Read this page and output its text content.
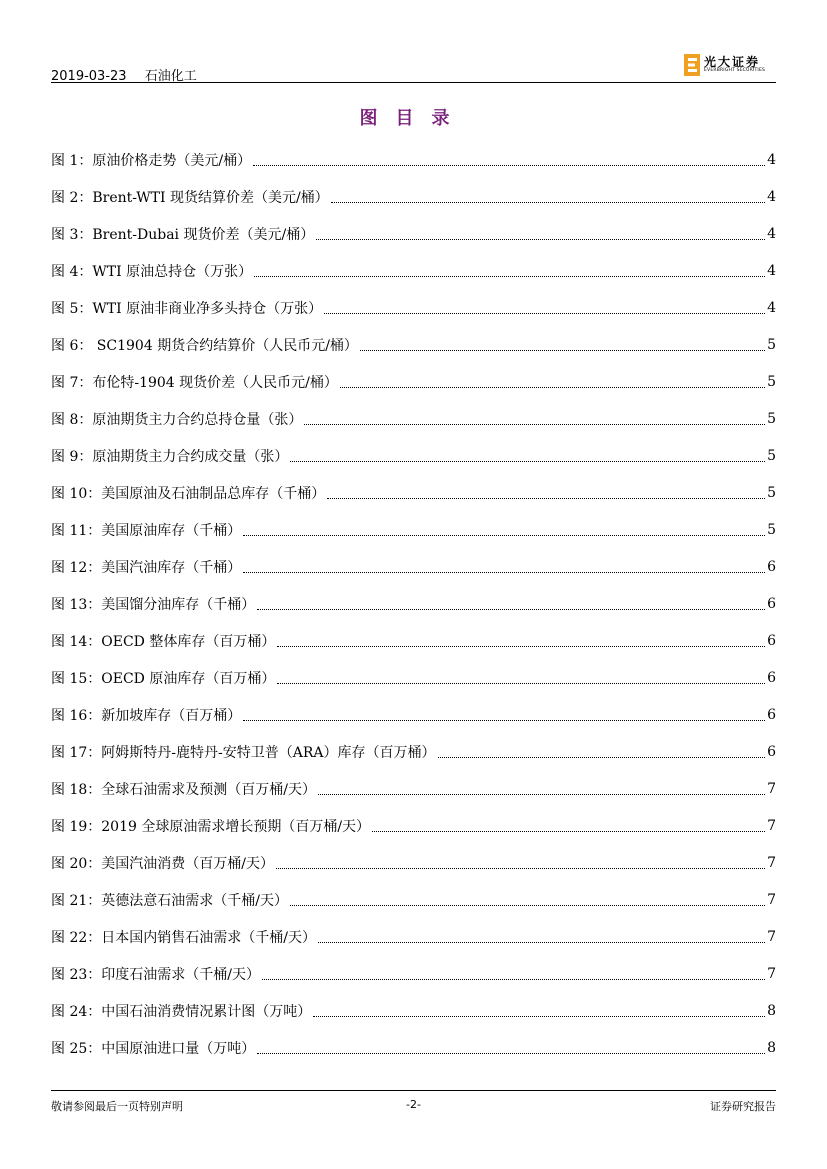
2019-03-23 石油化工
光大证券
EVERBRIGHT SECURITIES
图目录
图 1：原油价格走势（美元/桶）	4
图 2：Brent-WTI 现货结算价差（美元/桶）	4
图 3：Brent-Dubai 现货价差（美元/桶）	4
图 4：WTI 原油总持仓（万张）	4
图 5：WTI 原油非商业净多头持仓（万张）	4
图 6： SC1904 期货合约结算价（人民币元/桶）	5
图 7：布伦特-1904 现货价差（人民币元/桶）	5
图 8：原油期货主力合约总持仓量（张）	5
图 9：原油期货主力合约成交量（张）	5
图 10：美国原油及石油制品总库存（千桶）	5
图 11：美国原油库存（千桶）	5
图 12：美国汽油库存（千桶）	6
图 13：美国馏分油库存（千桶）	6
图 14：OECD 整体库存（百万桶）	6
图 15：OECD 原油库存（百万桶）	6
图 16：新加坡库存（百万桶）	6
图 17：阿姆斯特丹-鹿特丹-安特卫普（ARA）库存（百万桶）	6
图 18：全球石油需求及预测（百万桶/天）	7
图 19：2019 全球原油需求增长预期（百万桶/天）	7
图 20：美国汽油消费（百万桶/天）	7
图 21：英德法意石油需求（千桶/天）	7
图 22：日本国内销售石油需求（千桶/天）	7
图 23：印度石油需求（千桶/天）	7
图 24：中国石油消费情况累计图（万吨）	8
图 25：中国原油进口量（万吨）	8
敬请参阅最后一页特别声明	-2-	证券研究报告
